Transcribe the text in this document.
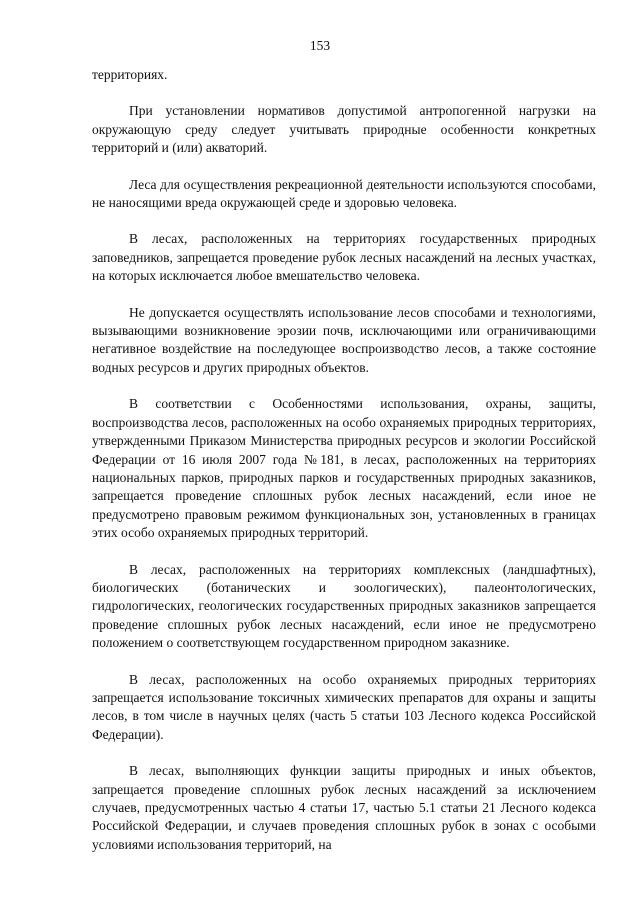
153

территориях.

При установлении нормативов допустимой антропогенной нагрузки на окружающую среду следует учитывать природные особенности конкретных территорий и (или) акваторий.

Леса для осуществления рекреационной деятельности используются способами, не наносящими вреда окружающей среде и здоровью человека.

В лесах, расположенных на территориях государственных природных заповедников, запрещается проведение рубок лесных насаждений на лесных участках, на которых исключается любое вмешательство человека.

Не допускается осуществлять использование лесов способами и технологиями, вызывающими возникновение эрозии почв, исключающими или ограничивающими негативное воздействие на последующее воспроизводство лесов, а также состояние водных ресурсов и других природных объектов.

В соответствии с Особенностями использования, охраны, защиты, воспроизводства лесов, расположенных на особо охраняемых природных территориях, утвержденными Приказом Министерства природных ресурсов и экологии Российской Федерации от 16 июля 2007 года №181, в лесах, расположенных на территориях национальных парков, природных парков и государственных природных заказников, запрещается проведение сплошных рубок лесных насаждений, если иное не предусмотрено правовым режимом функциональных зон, установленных в границах этих особо охраняемых природных территорий.

В лесах, расположенных на территориях комплексных (ландшафтных), биологических (ботанических и зоологических), палеонтологических, гидрологических, геологических государственных природных заказников запрещается проведение сплошных рубок лесных насаждений, если иное не предусмотрено положением о соответствующем государственном природном заказнике.

В лесах, расположенных на особо охраняемых природных территориях запрещается использование токсичных химических препаратов для охраны и защиты лесов, в том числе в научных целях (часть 5 статьи 103 Лесного кодекса Российской Федерации).

В лесах, выполняющих функции защиты природных и иных объектов, запрещается проведение сплошных рубок лесных насаждений за исключением случаев, предусмотренных частью 4 статьи 17, частью 5.1 статьи 21 Лесного кодекса Российской Федерации, и случаев проведения сплошных рубок в зонах с особыми условиями использования территорий, на
